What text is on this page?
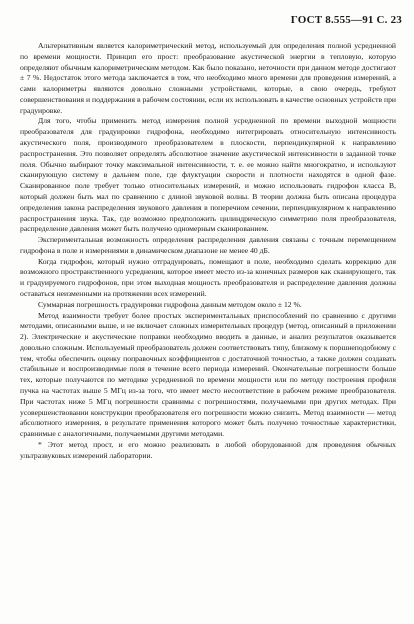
ГОСТ 8.555—91 С. 23

Альтернативным является калориметрический метод, используемый для определения полной усредненной по времени мощности. Принцип его прост: преобразование акустической энергии в тепловую, которую определяют обычным калориметрическим методом. Как было показано, неточности при данном методе достигают ± 7 %. Недостаток этого метода заключается в том, что необходимо много времени для проведения измерений, а сами калориметры являются довольно сложными устройствами, которые, в свою очередь, требуют совершенствования и поддержания в рабочем состоянии, если их использовать в качестве основных устройств при градуировке.

Для того, чтобы применить метод измерения полной усредненной по времени выходной мощности преобразователя для градуировки гидрофона, необходимо интегрировать относительную интенсивность акустического поля, производимого преобразователем в плоскости, перпендикулярной к направлению распространения. Это позволяет определять абсолютное значение акустической интенсивности в заданной точке поля. Обычно выбирают точку максимальной интенсивности, т. е. ее можно найти многократно, и используют сканирующую систему в дальнем поле, где флуктуации скорости и плотности находятся в одной фазе. Сканированное поле требует только относительных измерений, и можно использовать гидрофон класса В, который должен быть мал по сравнению с длиной звуковой волны. В теории должна быть описана процедура определения закона распределения звукового давления в поперечном сечении, перпендикулярном к направлению распространения звука. Так, где возможно предположить цилиндрическую симметрию поля преобразователя, распределение давления может быть получено одномерным сканированием.

Экспериментальная возможность определения распределения давления связаны с точным перемещением гидрофона в поле и измерениями в динамическом диапазоне не менее 40 дБ.

Когда гидрофон, который нужно отградуировать, помещают в поле, необходимо сделать коррекцию для возможного пространственного усреднения, которое имеет место из-за конечных размеров как сканирующего, так и градуируемого гидрофонов, при этом выходная мощность преобразователя и распределение давления должны оставаться неизменными на протяжении всех измерений.

Суммарная погрешность градуировки гидрофона данным методом около ± 12 %.

Метод взаимности требует более простых экспериментальных приспособлений по сравнению с другими методами, описанными выше, и не включает сложных измерительных процедур (метод, описанный в приложении 2). Электрические и акустические поправки необходимо вводить в данные, и анализ результатов оказывается довольно сложным. Используемый преобразователь должен соответствовать типу, близкому к поршнеподобному с тем, чтобы обеспечить оценку поправочных коэффициентов с достаточной точностью, а также должен создавать стабильные и воспроизводимые поля в течение всего периода измерений. Окончательные погрешности больше тех, которые получаются по методике усредненной по времени мощности или по методу построения профиля пучка на частотах выше 5 МГц из-за того, что имеет место несоответствие в рабочем режиме преобразователя. При частотах ниже 5 МГц погрешности сравнимы с погрешностями, получаемыми при других методах. При усовершенствовании конструкции преобразователя его погрешности можно снизить. Метод взаимности — метод абсолютного измерения, в результате применения которого может быть получено точностные характеристики, сравнимые с аналогичными, получаемыми другими методами.

* Этот метод прост, и его можно реализовать в любой оборудованной для проведения обычных ультразвуковых измерений лаборатории.
